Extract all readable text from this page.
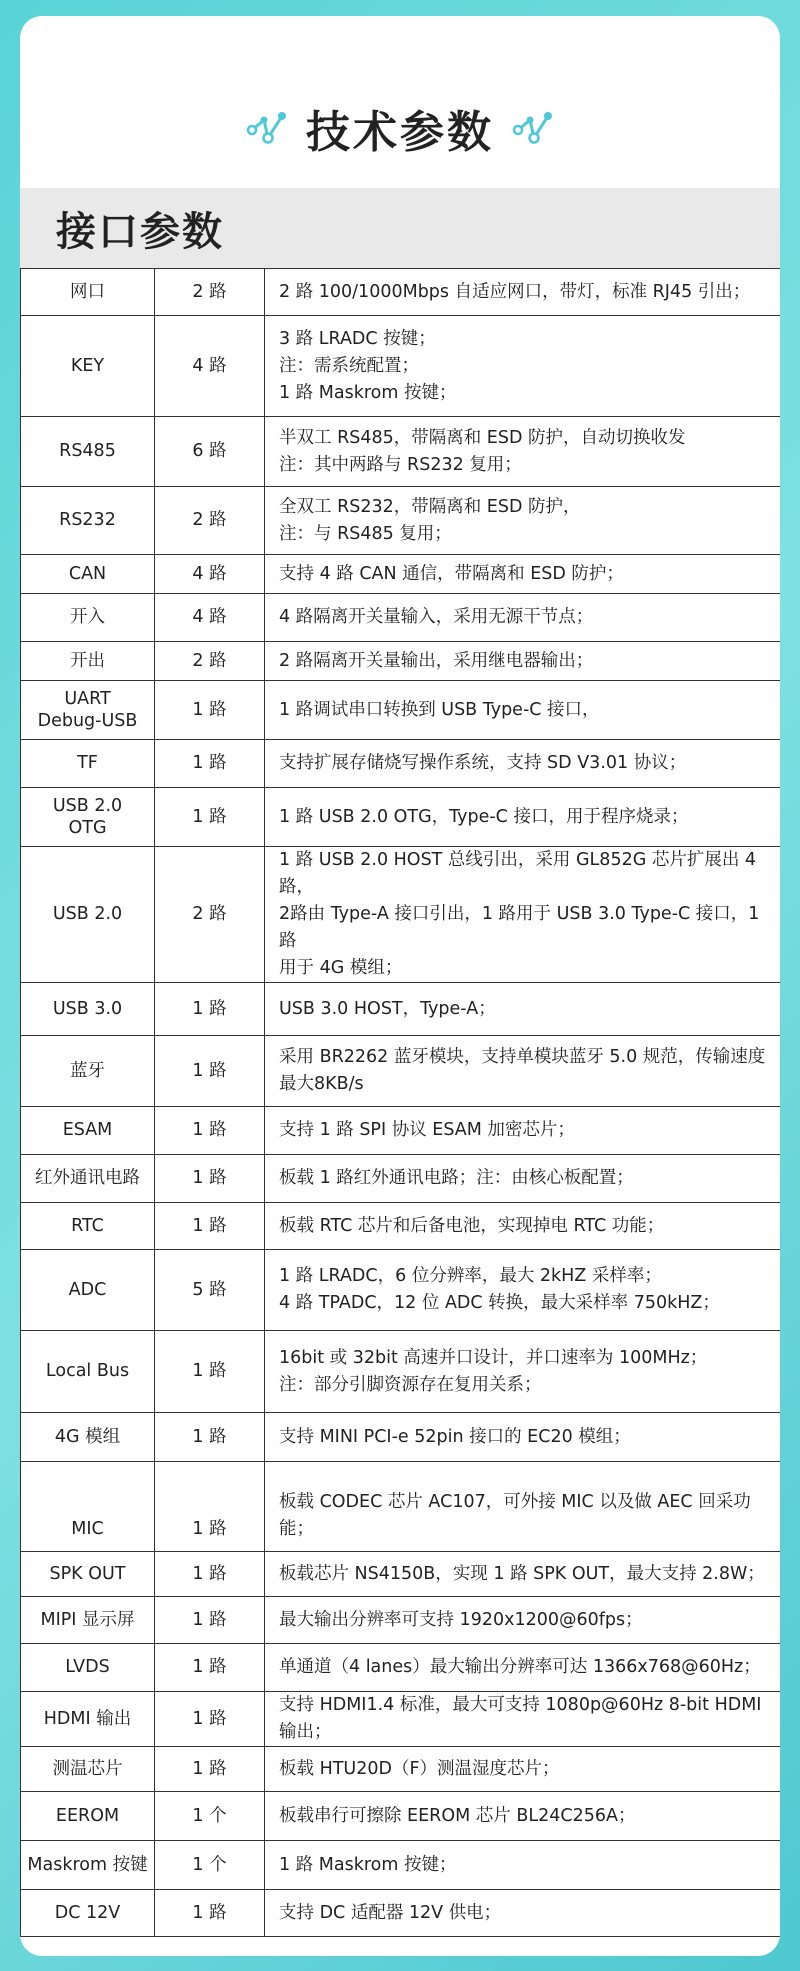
技术参数
接口参数
网口	2 路	2 路 100/1000Mbps 自适应网口，带灯，标准 RJ45 引出；
KEY	4 路	3 路 LRADC 按键；
注：需系统配置；
1 路 Maskrom 按键；
RS485	6 路	半双工 RS485，带隔离和 ESD 防护，自动切换收发
注：其中两路与 RS232 复用；
RS232	2 路	全双工 RS232，带隔离和 ESD 防护，
注：与 RS485 复用；
CAN	4 路	支持 4 路 CAN 通信，带隔离和 ESD 防护；
开入	4 路	4 路隔离开关量输入，采用无源干节点；
开出	2 路	2 路隔离开关量输出，采用继电器输出；
UART
Debug-USB	1 路	1 路调试串口转换到 USB Type-C 接口，
TF	1 路	支持扩展存储烧写操作系统，支持 SD V3.01 协议；
USB 2.0
OTG	1 路	1 路 USB 2.0 OTG，Type-C 接口，用于程序烧录；
USB 2.0	2 路	1 路 USB 2.0 HOST 总线引出，采用 GL852G 芯片扩展出 4 路，
2路由 Type-A 接口引出，1 路用于 USB 3.0 Type-C 接口，1 路
用于 4G 模组；
USB 3.0	1 路	USB 3.0 HOST，Type-A；
蓝牙	1 路	采用 BR2262 蓝牙模块，支持单模块蓝牙 5.0 规范，传输速度
最大8KB/s
ESAM	1 路	支持 1 路 SPI 协议 ESAM 加密芯片；
红外通讯电路	1 路	板载 1 路红外通讯电路；注：由核心板配置；
RTC	1 路	板载 RTC 芯片和后备电池，实现掉电 RTC 功能；
ADC	5 路	1 路 LRADC，6 位分辨率，最大 2kHZ 采样率；
4 路 TPADC，12 位 ADC 转换，最大采样率 750kHZ；
Local Bus	1 路	16bit 或 32bit 高速并口设计，并口速率为 100MHz；
注：部分引脚资源存在复用关系；
4G 模组	1 路	支持 MINI PCI-e 52pin 接口的 EC20 模组；
MIC	1 路	板载 CODEC 芯片 AC107，可外接 MIC 以及做 AEC 回采功能；
SPK OUT	1 路	板载芯片 NS4150B，实现 1 路 SPK OUT，最大支持 2.8W；
MIPI 显示屏	1 路	最大输出分辨率可支持 1920x1200@60fps；
LVDS	1 路	单通道（4 lanes）最大输出分辨率可达 1366x768@60Hz；
HDMI 输出	1 路	支持 HDMI1.4 标准，最大可支持 1080p@60Hz 8-bit HDMI 输出；
测温芯片	1 路	板载 HTU20D（F）测温湿度芯片；
EEROM	1 个	板载串行可擦除 EEROM 芯片 BL24C256A；
Maskrom 按键	1 个	1 路 Maskrom 按键；
DC 12V	1 路	支持 DC 适配器 12V 供电；
